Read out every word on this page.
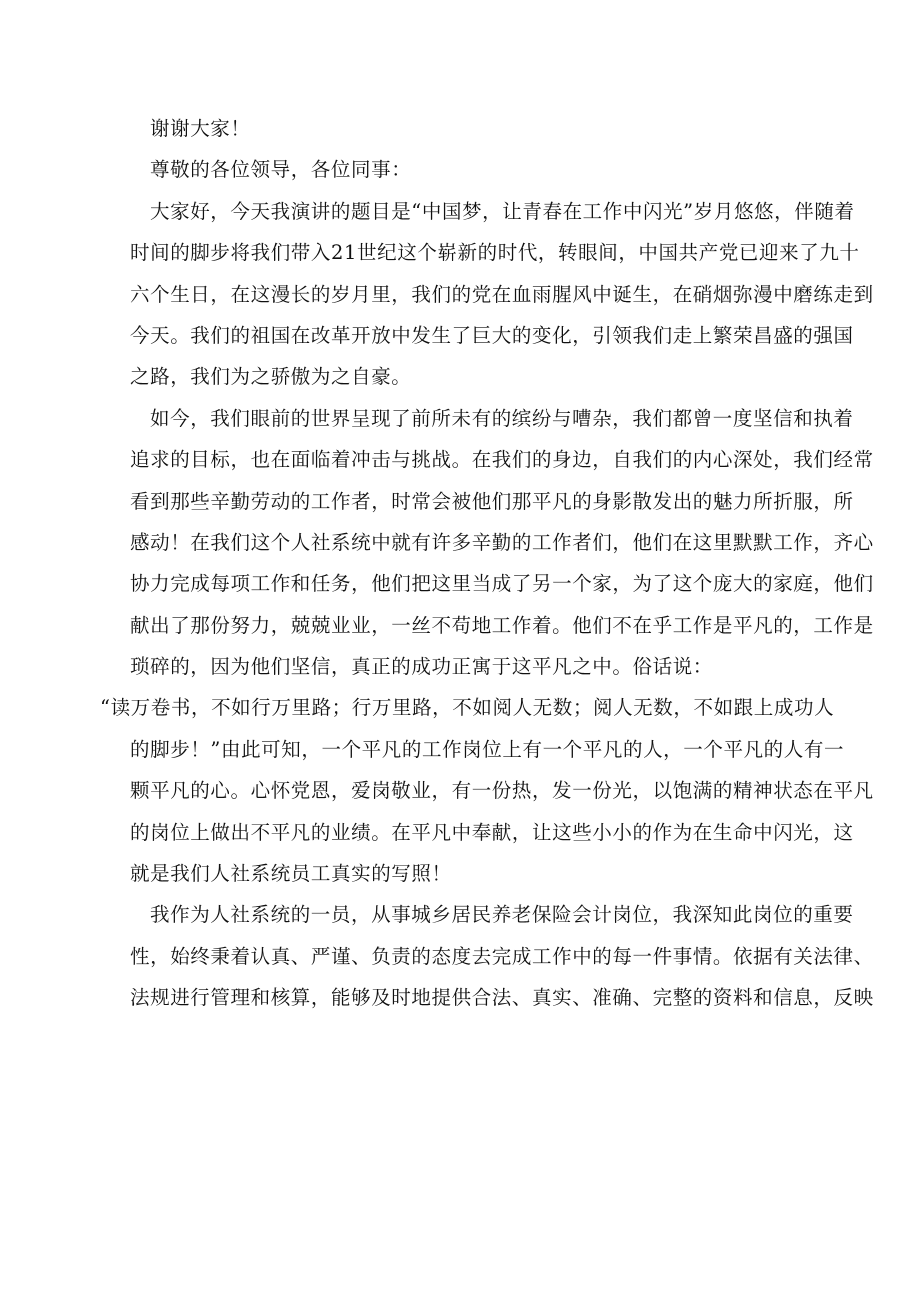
谢谢大家！
尊敬的各位领导，各位同事：
大家好，今天我演讲的题目是“中国梦，让青春在工作中闪光”岁月悠悠，伴随着
时间的脚步将我们带入21世纪这个崭新的时代，转眼间，中国共产党已迎来了九十
六个生日，在这漫长的岁月里，我们的党在血雨腥风中诞生，在硝烟弥漫中磨练走到
今天。我们的祖国在改革开放中发生了巨大的变化，引领我们走上繁荣昌盛的强国
之路，我们为之骄傲为之自豪。
如今，我们眼前的世界呈现了前所未有的缤纷与嘈杂，我们都曾一度坚信和执着
追求的目标，也在面临着冲击与挑战。在我们的身边，自我们的内心深处，我们经常
看到那些辛勤劳动的工作者，时常会被他们那平凡的身影散发出的魅力所折服，所
感动！在我们这个人社系统中就有许多辛勤的工作者们，他们在这里默默工作，齐心
协力完成每项工作和任务，他们把这里当成了另一个家，为了这个庞大的家庭，他们
献出了那份努力，兢兢业业，一丝不苟地工作着。他们不在乎工作是平凡的，工作是
琐碎的，因为他们坚信，真正的成功正寓于这平凡之中。俗话说：
“读万卷书，不如行万里路；行万里路，不如阅人无数；阅人无数，不如跟上成功人
的脚步！”由此可知，一个平凡的工作岗位上有一个平凡的人，一个平凡的人有一
颗平凡的心。心怀党恩，爱岗敬业，有一份热，发一份光，以饱满的精神状态在平凡
的岗位上做出不平凡的业绩。在平凡中奉献，让这些小小的作为在生命中闪光，这
就是我们人社系统员工真实的写照！
我作为人社系统的一员，从事城乡居民养老保险会计岗位，我深知此岗位的重要
性，始终秉着认真、严谨、负责的态度去完成工作中的每一件事情。依据有关法律、
法规进行管理和核算，能够及时地提供合法、真实、准确、完整的资料和信息，反映
